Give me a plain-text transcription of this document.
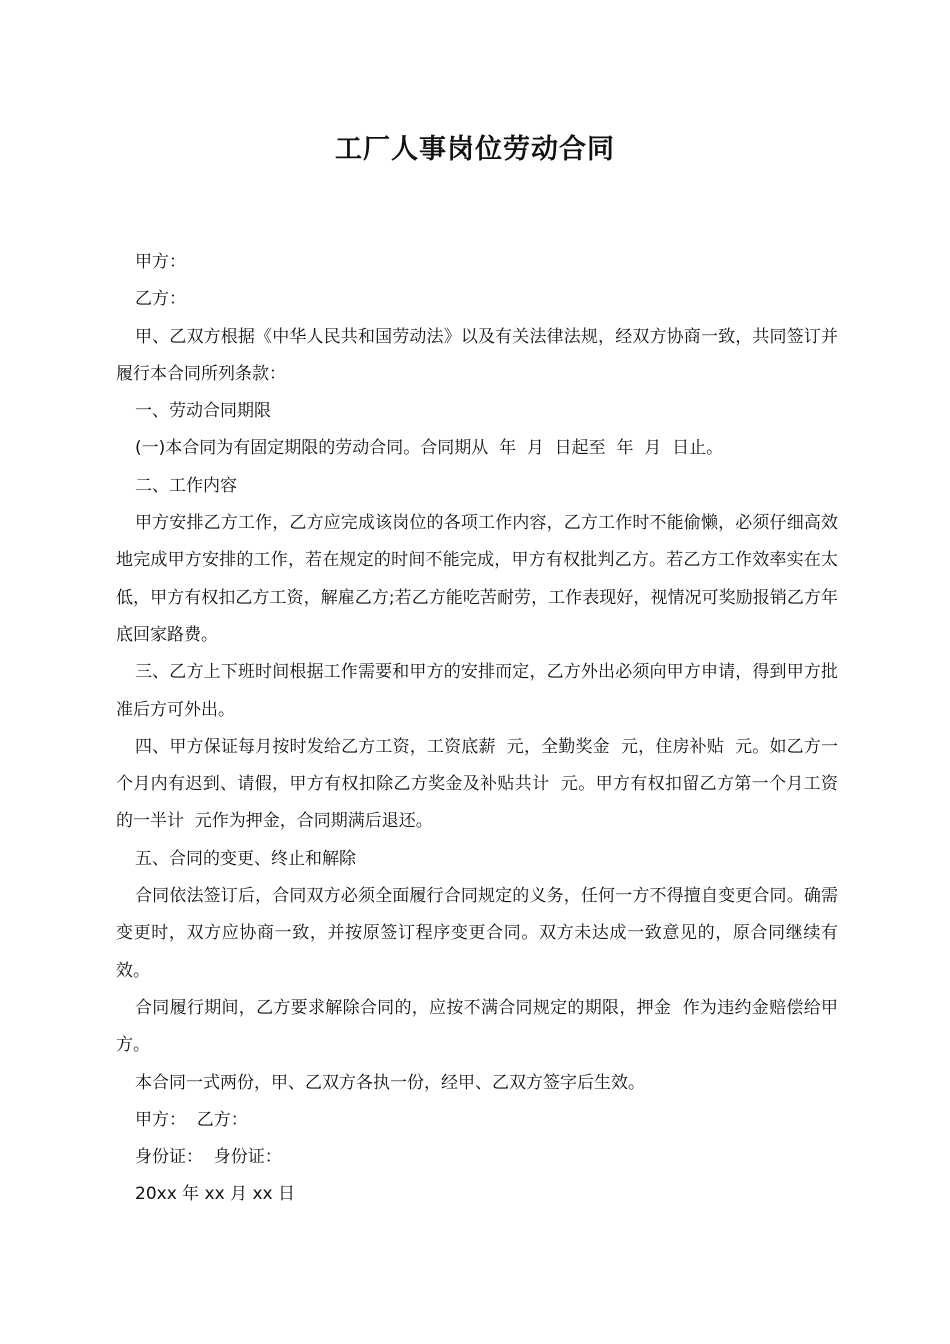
工厂人事岗位劳动合同

甲方：

乙方：

甲、乙双方根据《中华人民共和国劳动法》以及有关法律法规，经双方协商一致，共同签订并履行本合同所列条款：

一、劳动合同期限

(一)本合同为有固定期限的劳动合同。合同期从  年  月  日起至  年  月  日止。

二、工作内容

甲方安排乙方工作，乙方应完成该岗位的各项工作内容，乙方工作时不能偷懒，必须仔细高效地完成甲方安排的工作，若在规定的时间不能完成，甲方有权批判乙方。若乙方工作效率实在太低，甲方有权扣乙方工资，解雇乙方;若乙方能吃苦耐劳，工作表现好，视情况可奖励报销乙方年底回家路费。

三、乙方上下班时间根据工作需要和甲方的安排而定，乙方外出必须向甲方申请，得到甲方批准后方可外出。

四、甲方保证每月按时发给乙方工资，工资底薪  元，全勤奖金  元，住房补贴  元。如乙方一个月内有迟到、请假，甲方有权扣除乙方奖金及补贴共计  元。甲方有权扣留乙方第一个月工资的一半计  元作为押金，合同期满后退还。

五、合同的变更、终止和解除

合同依法签订后，合同双方必须全面履行合同规定的义务，任何一方不得擅自变更合同。确需变更时，双方应协商一致，并按原签订程序变更合同。双方未达成一致意见的，原合同继续有效。

合同履行期间，乙方要求解除合同的，应按不满合同规定的期限，押金  作为违约金赔偿给甲方。

本合同一式两份，甲、乙双方各执一份，经甲、乙双方签字后生效。

甲方：  乙方：

身份证：  身份证：

20xx 年 xx 月 xx 日
